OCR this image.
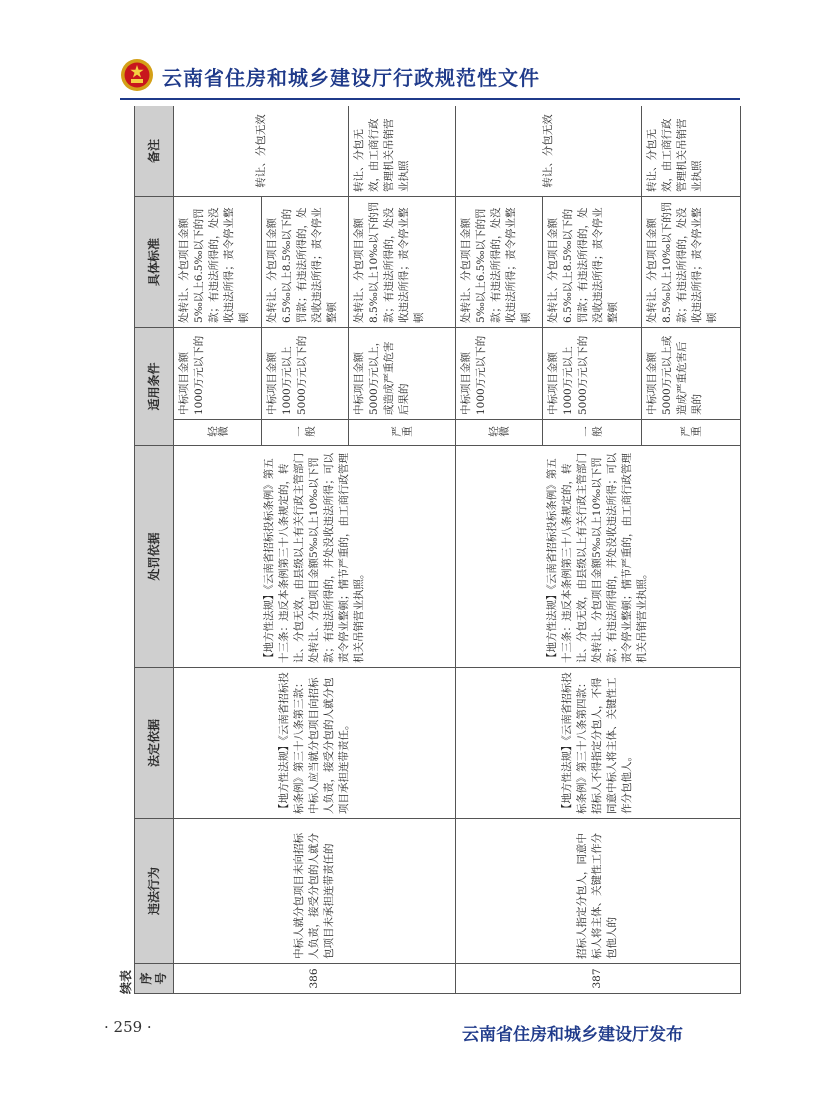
云南省住房和城乡建设厅行政规范性文件
续表 序号	违法行为	法定依据	处罚依据	适用条件		具体标准	备注
386	中标人就分包项目未向招标人负责，接受分包的人就分包项目未承担连带责任的	【地方性法规】《云南省招标投标条例》第三十八条第三款：中标人应当就分包项目向招标人负责，接受分包的人就分包项目承担连带责任。	【地方性法规】《云南省招标投标条例》第五十三条：违反本条例第三十八条规定的，转让、分包无效，由县级以上有关行政主管部门处转让、分包项目金额5‰以上10‰以下罚款；有违法所得的，并处没收违法所得；可以责令停业整顿；情节严重的，由工商行政管理机关吊销营业执照。	轻微	中标项目金额1000万元以下的	处转让、分包项目金额5‰以上6.5‰以下的罚款；有违法所得的，处没收违法所得；责令停业整顿	转让、分包无效

				一般	中标项目金额1000万元以上5000万元以下的	处转让、分包项目金额6.5‰以上8.5‰以下的罚款；有违法所得的，处没收违法所得；责令停业整顿	

				严重	中标项目金额5000万元以上，或造成严重危害后果的	处转让、分包项目金额8.5‰以上10‰以下的罚款；有违法所得的，处没收违法所得；责令停业整顿	转让、分包无效，由工商行政管理机关吊销营业执照
387	招标人指定分包人，同意中标人将主体、关键性工作分包他人的	【地方性法规】《云南省招标投标条例》第三十八条第四款：招标人不得指定分包人，不得同意中标人将主体、关键性工作分包他人。	【地方性法规】《云南省招标投标条例》第五十三条：违反本条例第三十八条规定的，转让、分包无效，由县级以上有关行政主管部门处转让、分包项目金额5‰以上10‰以下罚款；有违法所得的，并处没收违法所得；可以责令停业整顿；情节严重的，由工商行政管理机关吊销营业执照。	轻微	中标项目金额1000万元以下的	处转让、分包项目金额5‰以上6.5‰以下的罚款；有违法所得的，处没收违法所得；责令停业整顿	转让、分包无效

				一般	中标项目金额1000万元以上5000万元以下的	处转让、分包项目金额6.5‰以上8.5‰以下的罚款；有违法所得的，处没收违法所得；责令停业整顿	

				严重	中标项目金额5000万元以上或造成严重危害后果的	处转让、分包项目金额8.5‰以上10‰以下的罚款；有违法所得的，处没收违法所得；责令停业整顿	转让、分包无效，由工商行政管理机关吊销营业执照
· 259 ·	云南省住房和城乡建设厅发布
